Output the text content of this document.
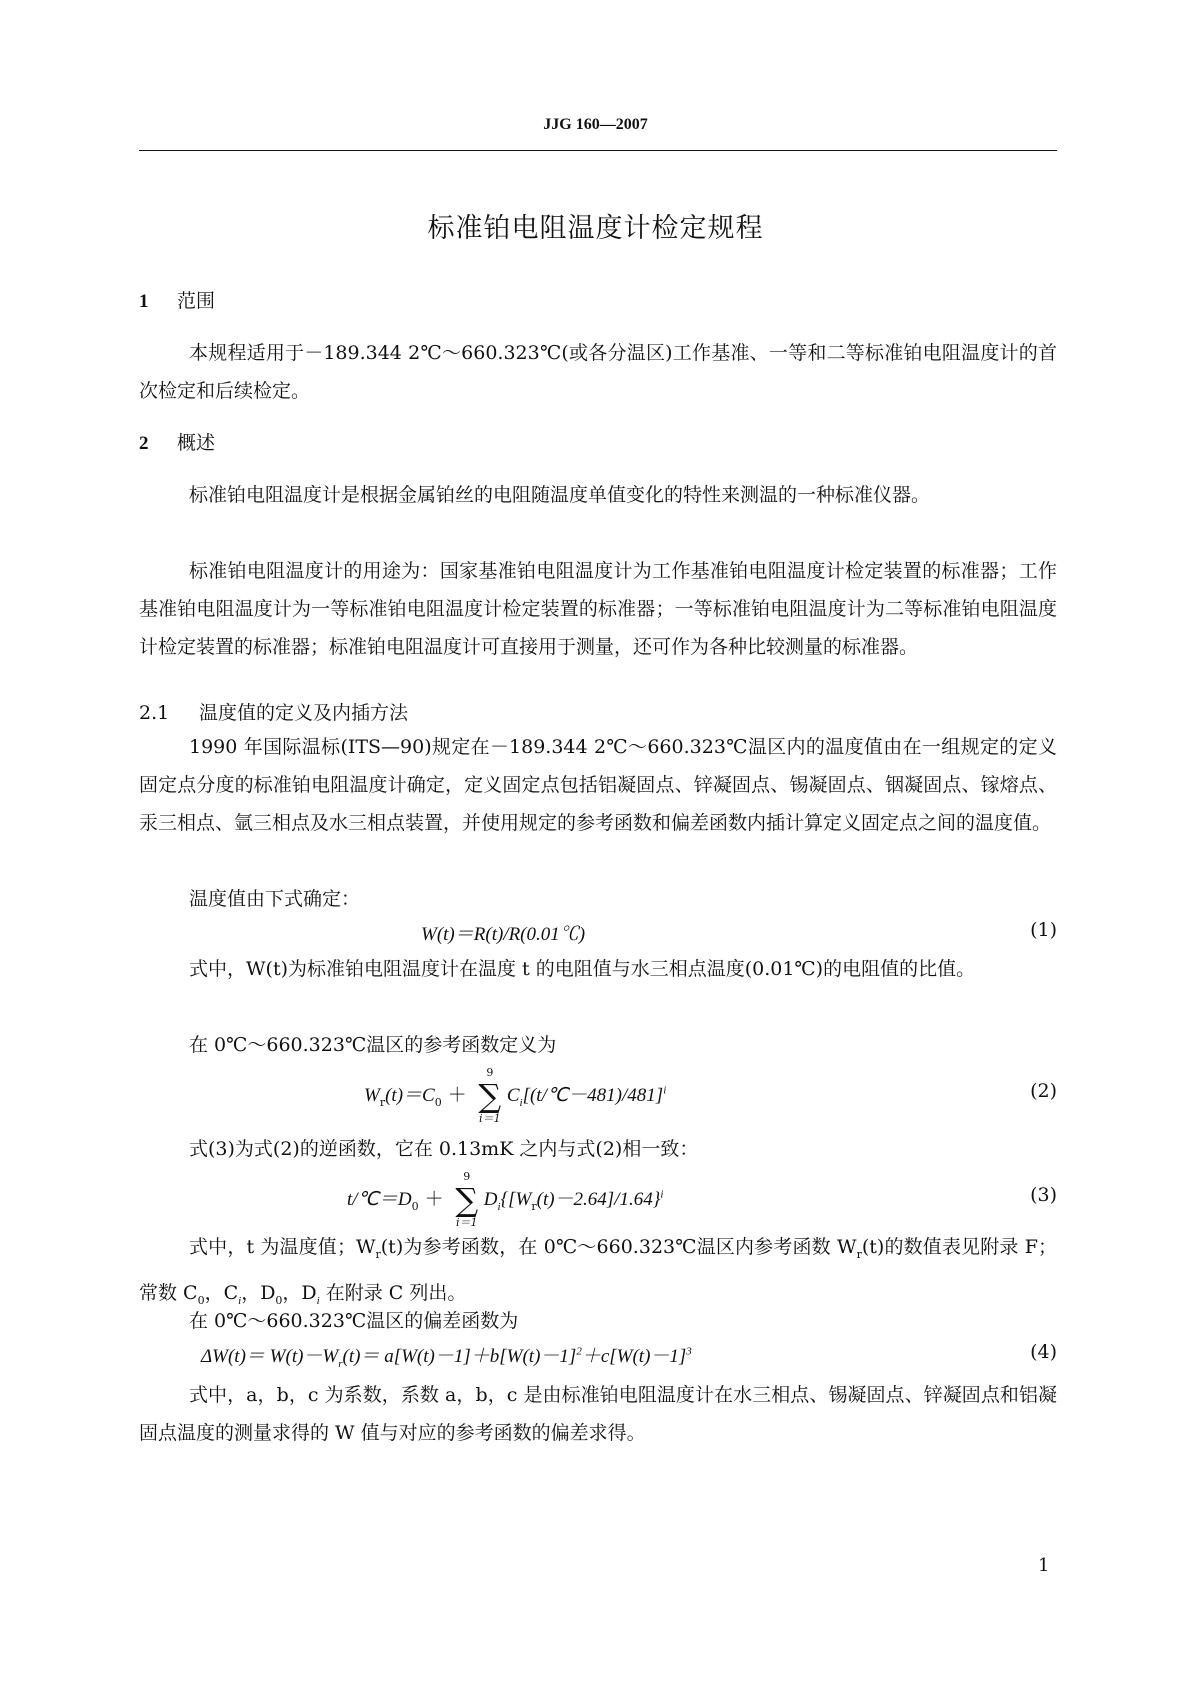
JJG 160—2007
标准铂电阻温度计检定规程
1 范围

本规程适用于－189.344 2℃～660.323℃(或各分温区)工作基准、一等和二等标准铂电阻温度计的首次检定和后续检定。

2 概述

标准铂电阻温度计是根据金属铂丝的电阻随温度单值变化的特性来测温的一种标准仪器。

标准铂电阻温度计的用途为：国家基准铂电阻温度计为工作基准铂电阻温度计检定装置的标准器；工作基准铂电阻温度计为一等标准铂电阻温度计检定装置的标准器；一等标准铂电阻温度计为二等标准铂电阻温度计检定装置的标准器；标准铂电阻温度计可直接用于测量，还可作为各种比较测量的标准器。

2.1 温度值的定义及内插方法

1990 年国际温标(ITS—90)规定在－189.344 2℃～660.323℃温区内的温度值由在一组规定的定义固定点分度的标准铂电阻温度计确定，定义固定点包括铝凝固点、锌凝固点、锡凝固点、铟凝固点、镓熔点、汞三相点、氩三相点及水三相点装置，并使用规定的参考函数和偏差函数内插计算定义固定点之间的温度值。

温度值由下式确定：

W(t)＝R(t)/R(0.01℃)	(1)

式中，W(t)为标准铂电阻温度计在温度 t 的电阻值与水三相点温度(0.01℃)的电阻值的比值。

在 0℃～660.323℃温区的参考函数定义为

$W_r(t)=C_0$ ＋
9
∑
i＝1
$C_i[(t/℃-481)/481]^i$	(2)

式(3)为式(2)的逆函数，它在 0.13mK 之内与式(2)相一致：

$t/℃=D_0$ ＋
9
∑
i＝1
$D_i\{[W_r(t)-2.64]/1.64\}^i$	(3)

式中，t 为温度值；$W_r(t)$为参考函数，在 0℃～660.323℃温区内参考函数 $W_r(t)$的数值表见附录 F；常数 $C_0$，$C_i$，$D_0$，$D_i$ 在附录 C 列出。

在 0℃～660.323℃温区的偏差函数为

$\Delta W(t)= W(t)-W_r(t)= a[W(t)-1]+b[W(t)-1]^2+c[W(t)-1]^3$	(4)

式中，a，b，c 为系数，系数 a，b，c 是由标准铂电阻温度计在水三相点、锡凝固点、锌凝固点和铝凝固点温度的测量求得的 W 值与对应的参考函数的偏差求得。

1
